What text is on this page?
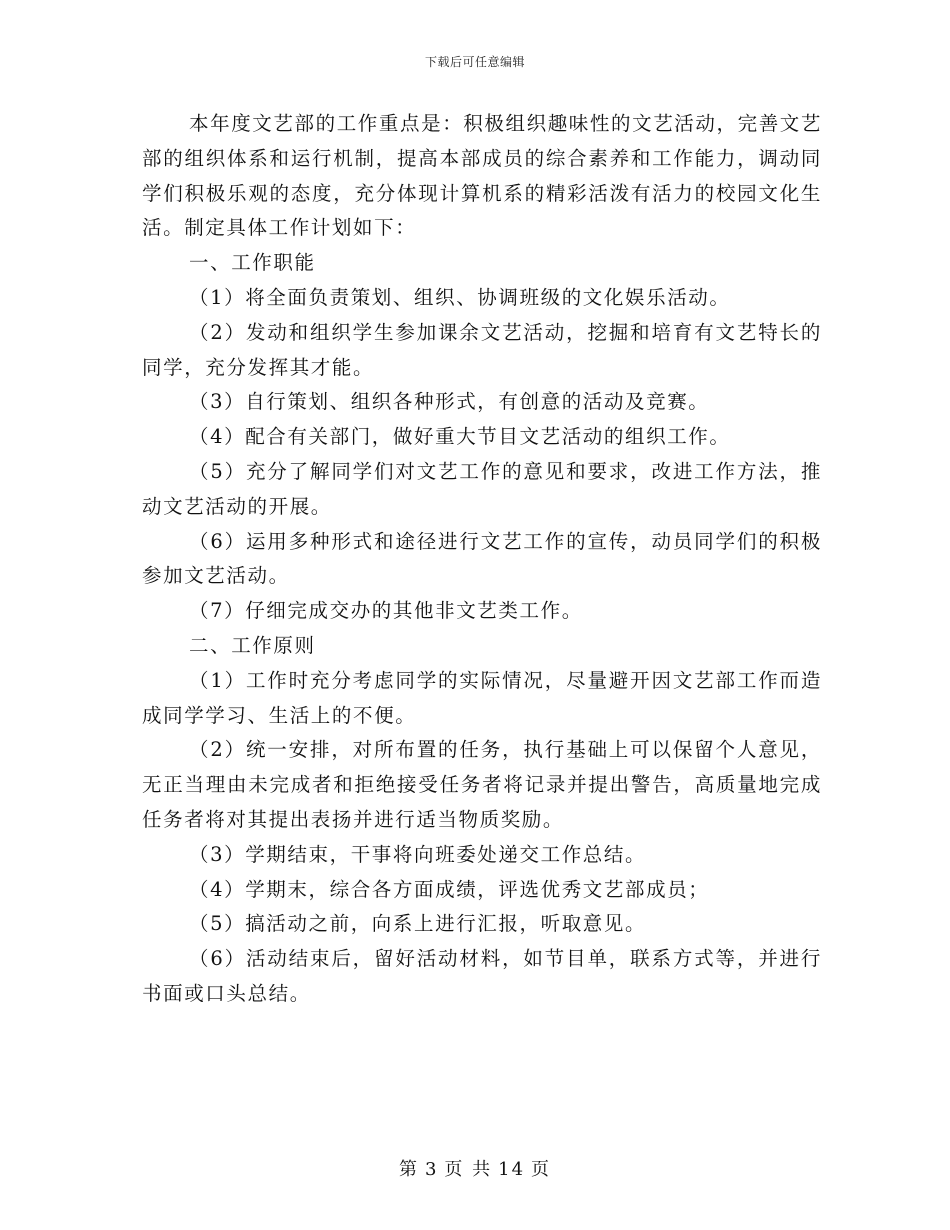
下载后可任意编辑

本年度文艺部的工作重点是：积极组织趣味性的文艺活动，完善文艺部的组织体系和运行机制，提高本部成员的综合素养和工作能力，调动同学们积极乐观的态度，充分体现计算机系的精彩活泼有活力的校园文化生活。制定具体工作计划如下：

一、工作职能

（1）将全面负责策划、组织、协调班级的文化娱乐活动。

（2）发动和组织学生参加课余文艺活动，挖掘和培育有文艺特长的同学，充分发挥其才能。

（3）自行策划、组织各种形式，有创意的活动及竞赛。

（4）配合有关部门，做好重大节目文艺活动的组织工作。

（5）充分了解同学们对文艺工作的意见和要求，改进工作方法，推动文艺活动的开展。

（6）运用多种形式和途径进行文艺工作的宣传，动员同学们的积极参加文艺活动。

（7）仔细完成交办的其他非文艺类工作。

二、工作原则

（1）工作时充分考虑同学的实际情况，尽量避开因文艺部工作而造成同学学习、生活上的不便。

（2）统一安排，对所布置的任务，执行基础上可以保留个人意见，无正当理由未完成者和拒绝接受任务者将记录并提出警告，高质量地完成任务者将对其提出表扬并进行适当物质奖励。

（3）学期结束，干事将向班委处递交工作总结。

（4）学期末，综合各方面成绩，评选优秀文艺部成员；

（5）搞活动之前，向系上进行汇报，听取意见。

（6）活动结束后，留好活动材料，如节目单，联系方式等，并进行书面或口头总结。

第 3 页 共 14 页
